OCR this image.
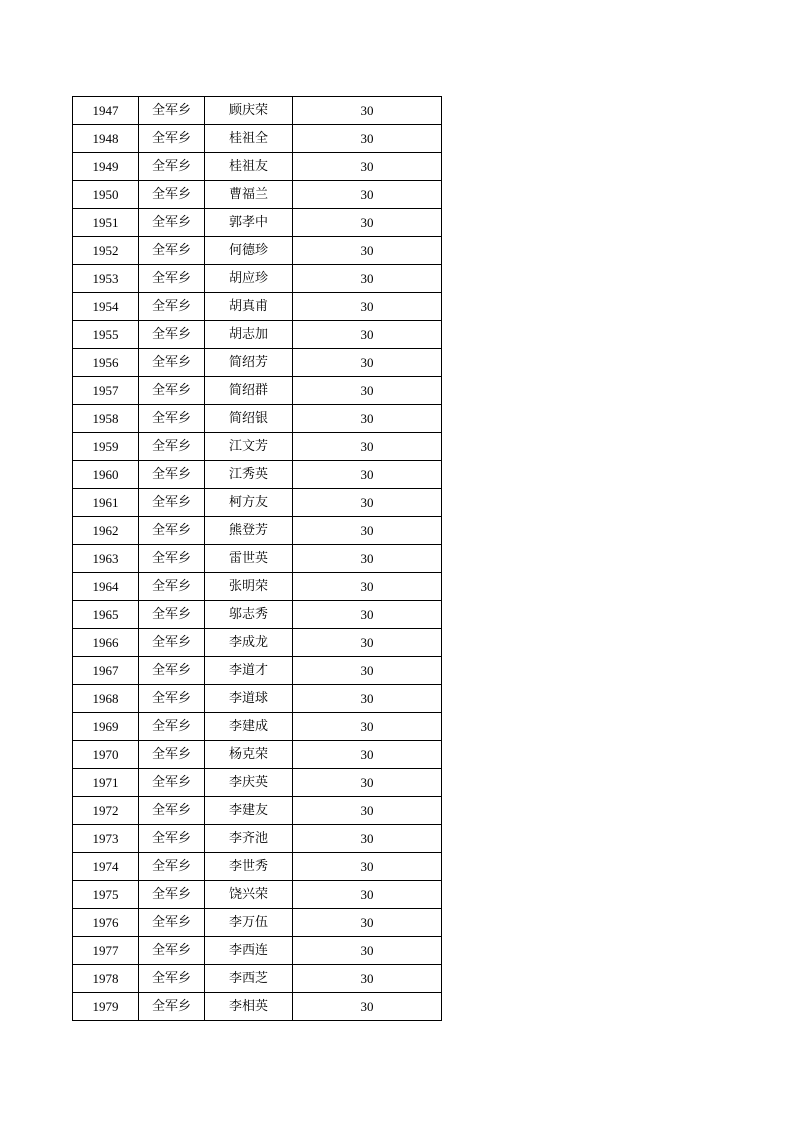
1947	全军乡	顾庆荣	30
1948	全军乡	桂祖全	30
1949	全军乡	桂祖友	30
1950	全军乡	曹福兰	30
1951	全军乡	郭孝中	30
1952	全军乡	何德珍	30
1953	全军乡	胡应珍	30
1954	全军乡	胡真甫	30
1955	全军乡	胡志加	30
1956	全军乡	简绍芳	30
1957	全军乡	简绍群	30
1958	全军乡	简绍银	30
1959	全军乡	江文芳	30
1960	全军乡	江秀英	30
1961	全军乡	柯方友	30
1962	全军乡	熊登芳	30
1963	全军乡	雷世英	30
1964	全军乡	张明荣	30
1965	全军乡	邬志秀	30
1966	全军乡	李成龙	30
1967	全军乡	李道才	30
1968	全军乡	李道球	30
1969	全军乡	李建成	30
1970	全军乡	杨克荣	30
1971	全军乡	李庆英	30
1972	全军乡	李建友	30
1973	全军乡	李齐池	30
1974	全军乡	李世秀	30
1975	全军乡	饶兴荣	30
1976	全军乡	李万伍	30
1977	全军乡	李西连	30
1978	全军乡	李西芝	30
1979	全军乡	李相英	30
